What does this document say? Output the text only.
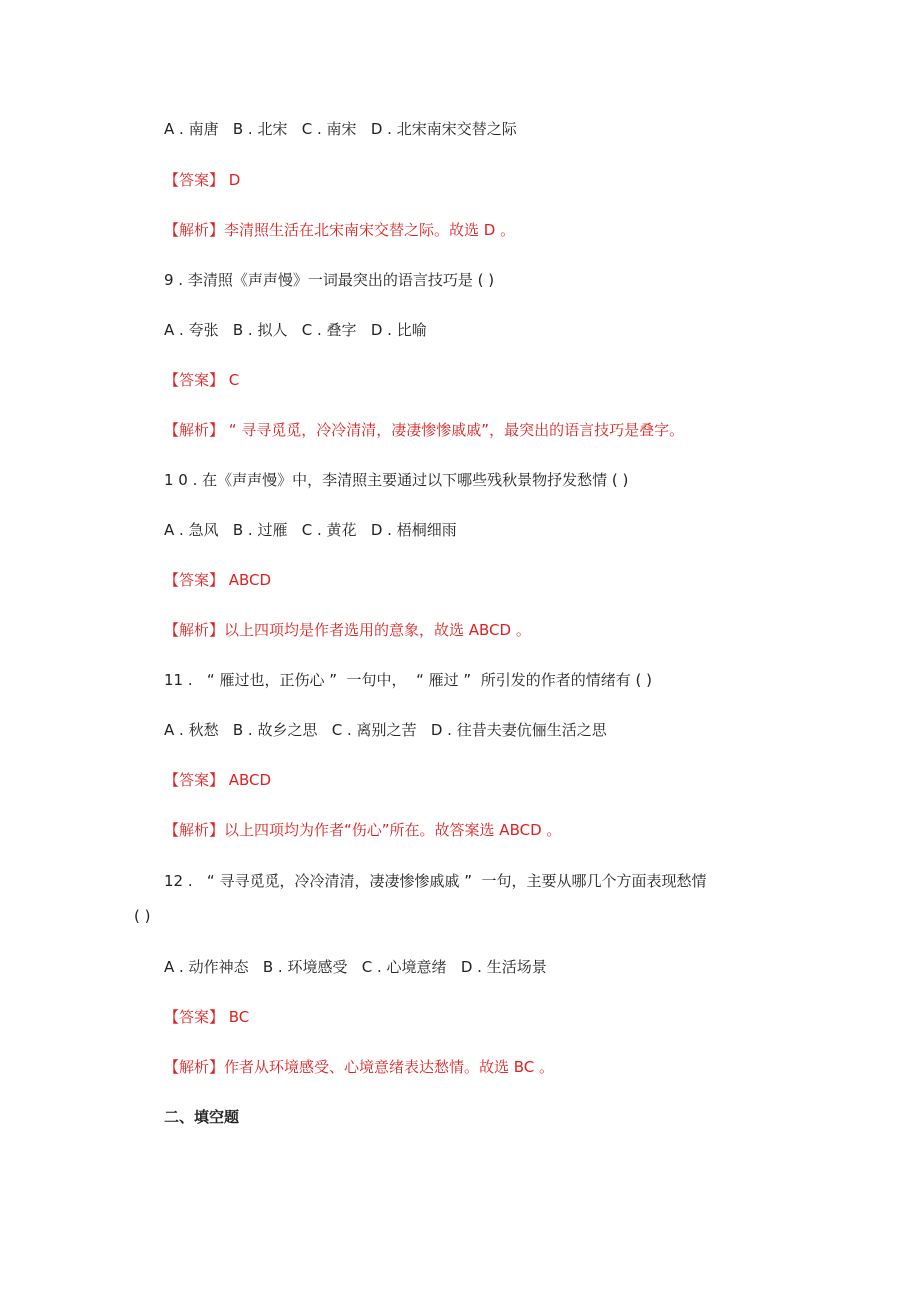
A . 南唐   B . 北宋   C . 南宋   D . 北宋南宋交替之际
【答案】 D
【解析】李清照生活在北宋南宋交替之际。故选 D 。
9 . 李清照《声声慢》一词最突出的语言技巧是 ( )
A . 夸张   B . 拟人   C . 叠字   D . 比喻
【答案】 C
【解析】 “ 寻寻觅觅，冷冷清清，凄凄惨惨戚戚”，最突出的语言技巧是叠字。
1 0 . 在《声声慢》中，李清照主要通过以下哪些残秋景物抒发愁情 ( )
A . 急风   B . 过雁   C . 黄花   D . 梧桐细雨
【答案】 ABCD
【解析】以上四项均是作者选用的意象，故选 ABCD 。
11 .   “ 雁过也，正伤心 ”  一句中，  “ 雁过 ”  所引发的作者的情绪有 ( )
A . 秋愁   B . 故乡之思   C . 离别之苦   D . 往昔夫妻伉俪生活之思
【答案】 ABCD
【解析】以上四项均为作者“伤心”所在。故答案选 ABCD 。
12 .   “ 寻寻觅觅，冷冷清清，凄凄惨惨戚戚 ”  一句，主要从哪几个方面表现愁情
( )
A . 动作神态   B . 环境感受   C . 心境意绪   D . 生活场景
【答案】 BC
【解析】作者从环境感受、心境意绪表达愁情。故选 BC 。
二、填空题
